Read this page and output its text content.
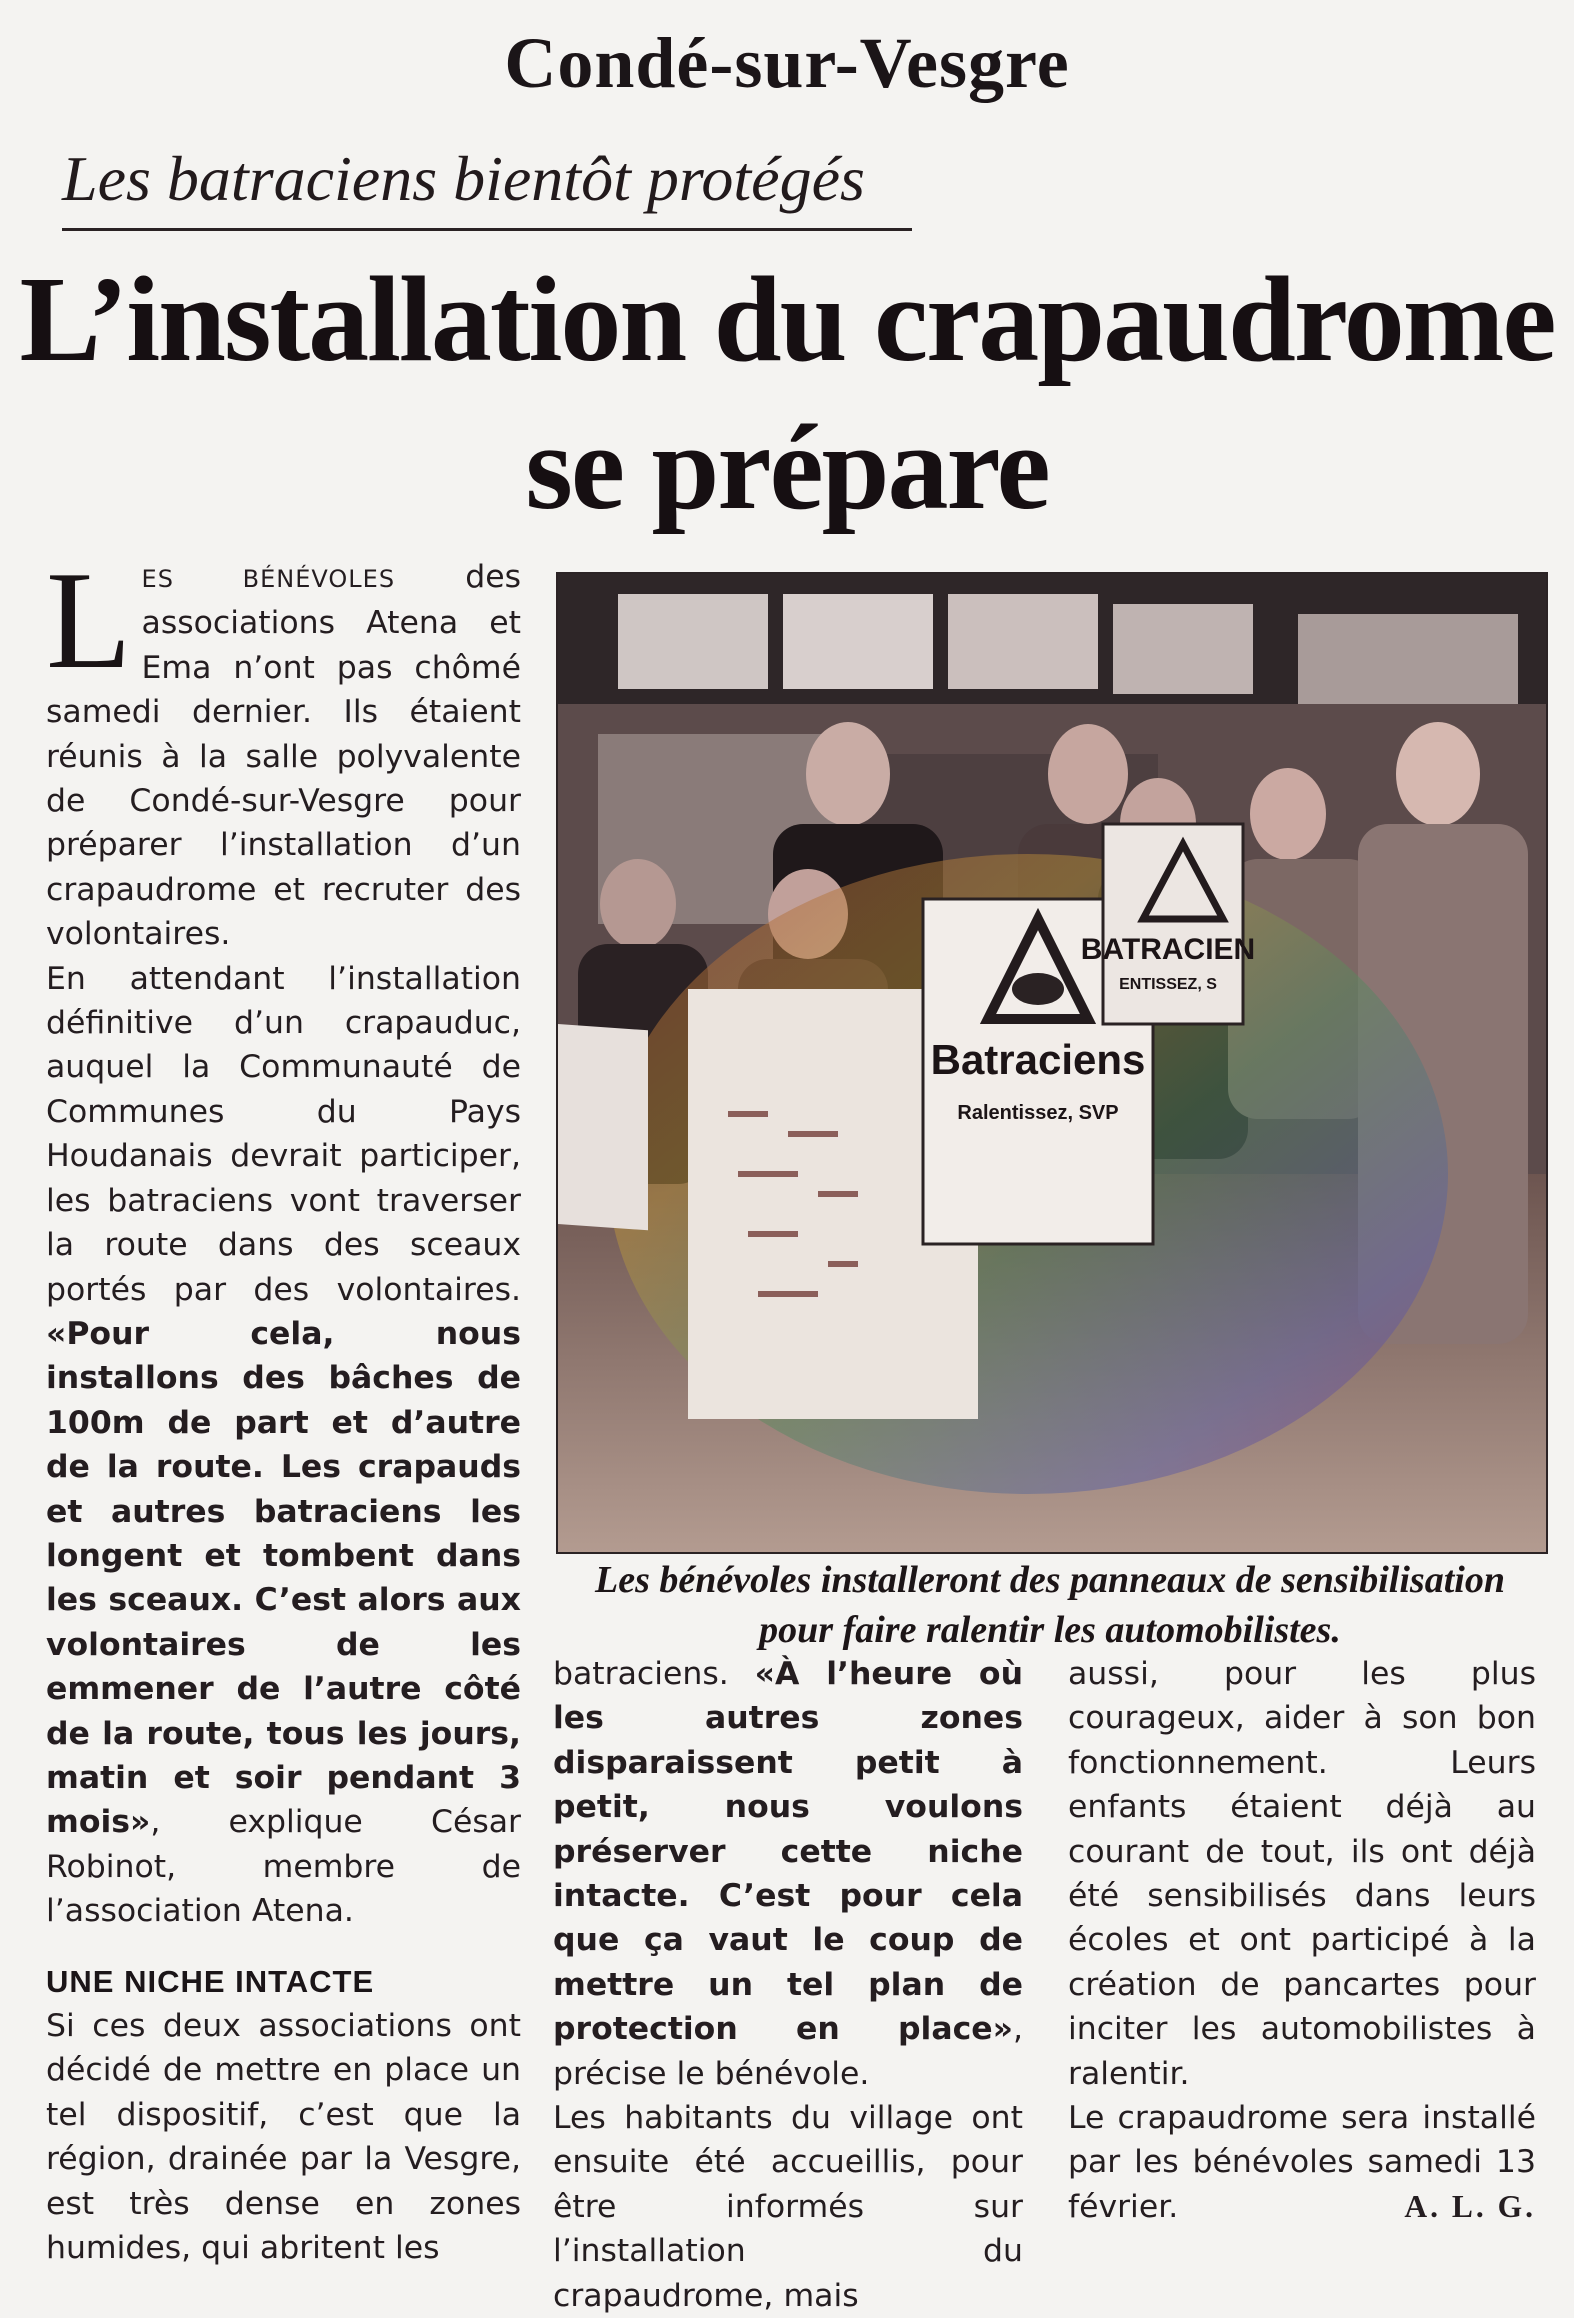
Condé-sur-Vesgre
Les batraciens bientôt protégés
L’installation du crapaudrome
se prépare

LES BÉNÉVOLES des associations Atena et Ema n’ont pas chômé samedi dernier. Ils étaient réunis à la salle polyvalente de Condé-sur-Vesgre pour préparer l’installation d’un crapaudrome et recruter des volontaires.

En attendant l’installation définitive d’un crapauduc, auquel la Communauté de Communes du Pays Houdanais devrait participer, les batraciens vont traverser la route dans des sceaux portés par des volontaires. «Pour cela, nous installons des bâches de 100m de part et d’autre de la route. Les crapauds et autres batraciens les longent et tombent dans les sceaux. C’est alors aux volontaires de les emmener de l’autre côté de la route, tous les jours, matin et soir pendant 3 mois», explique César Robinot, membre de l’association Atena.

UNE NICHE INTACTE

Si ces deux associations ont décidé de mettre en place un tel dispositif, c’est que la région, drainée par la Vesgre, est très dense en zones humides, qui abritent les

Batraciens
Ralentissez, SVP
BATRACIEN
ENTISSEZ, S
Les bénévoles installeront des panneaux de sensibilisation pour faire ralentir les automobilistes.

batraciens. «À l’heure où les autres zones disparaissent petit à petit, nous voulons préserver cette niche intacte. C’est pour cela que ça vaut le coup de mettre un tel plan de protection en place», précise le bénévole.

Les habitants du village ont ensuite été accueillis, pour être informés sur l’installation du crapaudrome, mais

aussi, pour les plus courageux, aider à son bon fonctionnement. Leurs enfants étaient déjà au courant de tout, ils ont déjà été sensibilisés dans leurs écoles et ont participé à la création de pancartes pour inciter les automobilistes à ralentir.

Le crapaudrome sera installé par les bénévoles samedi 13 février.	A. L. G.
